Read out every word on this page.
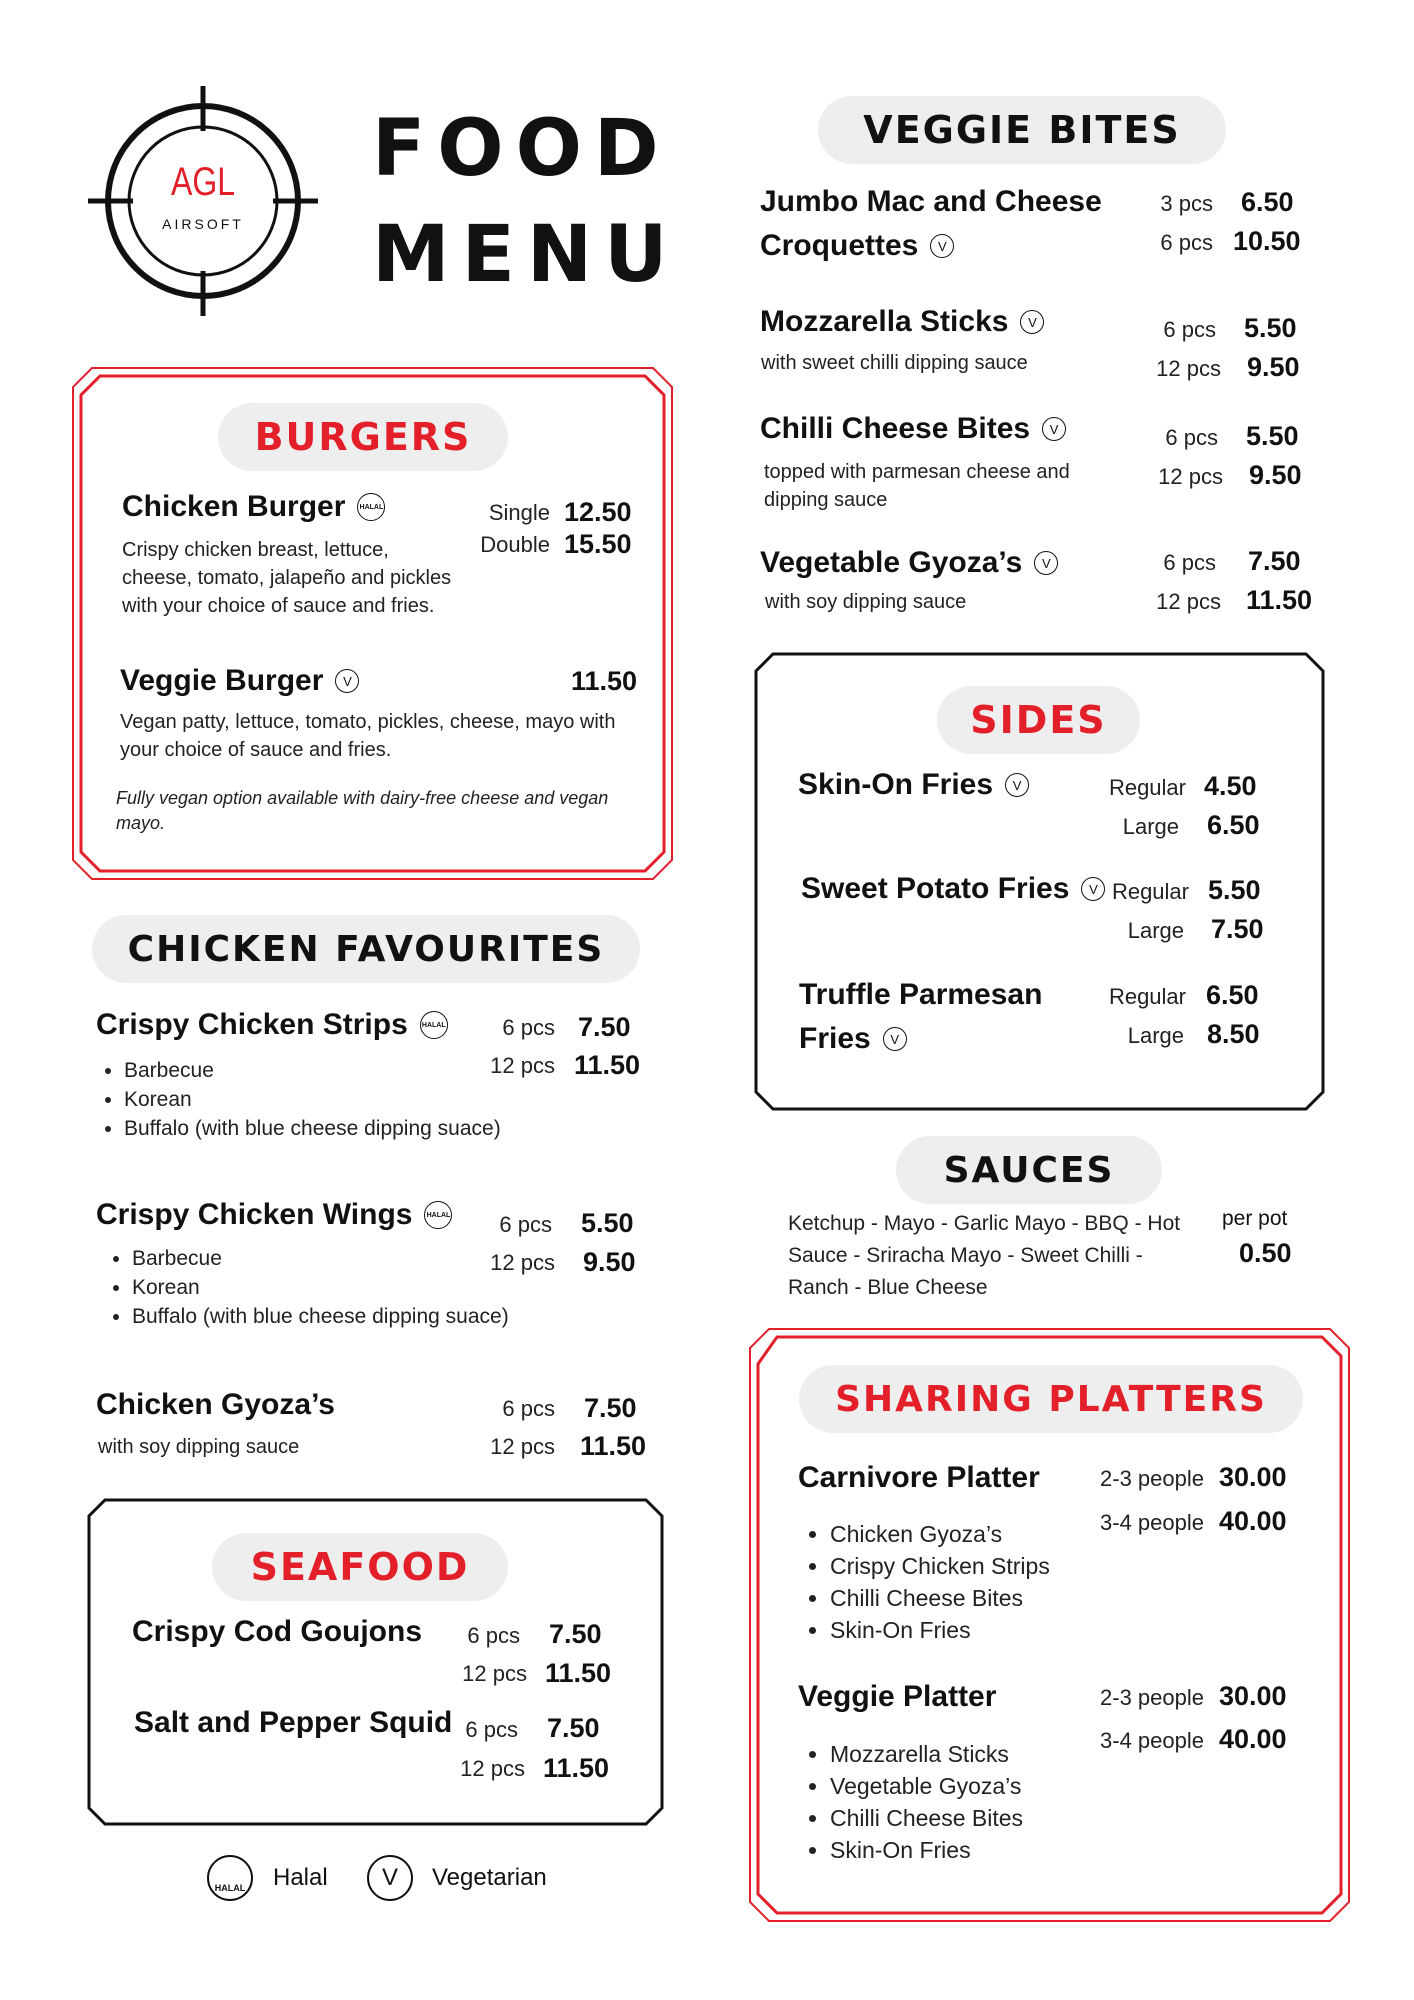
AGL
AIRSOFT
FOOD
MENU
BURGERS
Chicken Burger	HALAL	Single 12.50
Double 15.50
Crispy chicken breast, lettuce, cheese, tomato, jalapeño and pickles with your choice of sauce and fries.
Veggie Burger	V	11.50
Vegan patty, lettuce, tomato, pickles, cheese, mayo with your choice of sauce and fries.
Fully vegan option available with dairy-free cheese and vegan mayo.
CHICKEN FAVOURITES
Crispy Chicken Strips	HALAL	6 pcs 7.50
12 pcs 11.50
• Barbecue
• Korean
• Buffalo (with blue cheese dipping suace)
Crispy Chicken Wings	HALAL	6 pcs 5.50
12 pcs 9.50
• Barbecue
• Korean
• Buffalo (with blue cheese dipping suace)
Chicken Gyoza’s
with soy dipping sauce
6 pcs 7.50
12 pcs 11.50
SEAFOOD
Crispy Cod Goujons	6 pcs 7.50
12 pcs 11.50
Salt and Pepper Squid 6 pcs 7.50
12 pcs 11.50
HALAL	Halal	V	Vegetarian
VEGGIE BITES
Jumbo Mac and Cheese
Croquettes	V
3 pcs 6.50
6 pcs 10.50
Mozzarella Sticks	V
with sweet chilli dipping sauce
6 pcs 5.50
12 pcs 9.50
Chilli Cheese Bites	V
topped with parmesan cheese and dipping sauce
6 pcs 5.50
12 pcs 9.50
Vegetable Gyoza’s	V
with soy dipping sauce
6 pcs 7.50
12 pcs 11.50
SIDES
Skin-On Fries	V	Regular 4.50
Large 6.50
Sweet Potato Fries	V Regular 5.50
Large 7.50
Truffle Parmesan
Fries	V
Regular 6.50
Large 8.50
SAUCES
Ketchup - Mayo - Garlic Mayo - BBQ - Hot Sauce - Sriracha Mayo - Sweet Chilli - Ranch - Blue Cheese
per pot
0.50
SHARING PLATTERS
Carnivore Platter	2-3 people 30.00
3-4 people 40.00
• Chicken Gyoza’s
• Crispy Chicken Strips
• Chilli Cheese Bites
• Skin-On Fries
Veggie Platter	2-3 people 30.00
3-4 people 40.00
• Mozzarella Sticks
• Vegetable Gyoza’s
• Chilli Cheese Bites
• Skin-On Fries
